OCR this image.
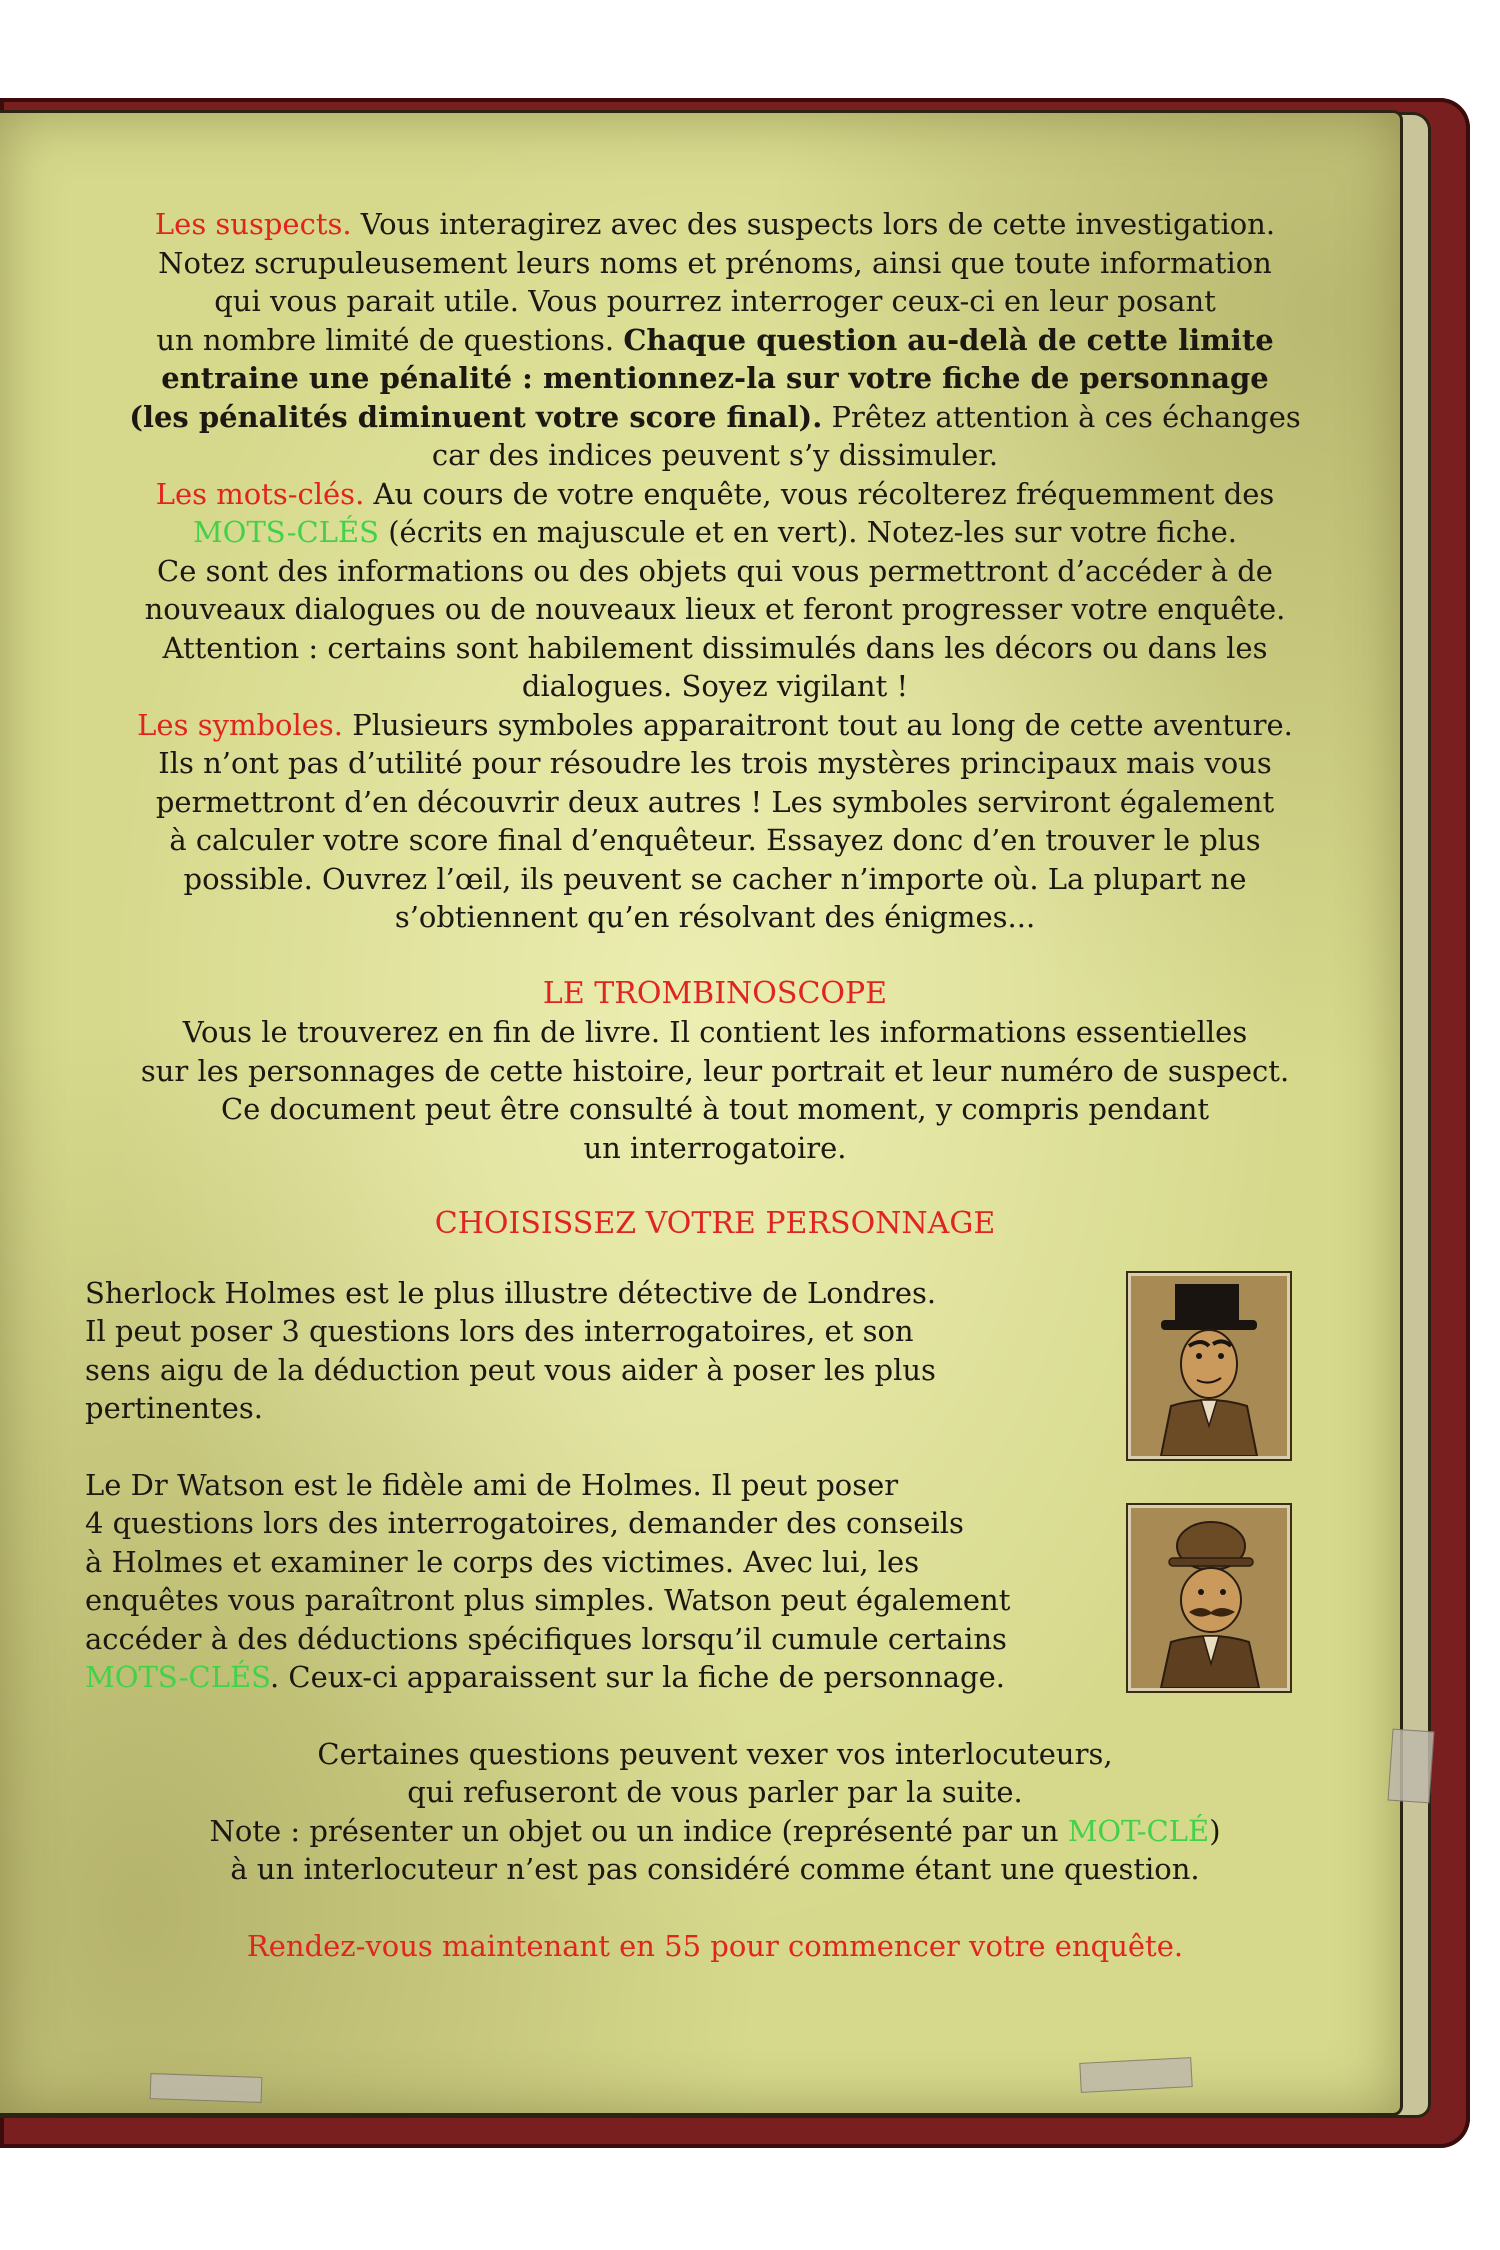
Les suspects. Vous interagirez avec des suspects lors de cette investigation.
Notez scrupuleusement leurs noms et prénoms, ainsi que toute information
qui vous parait utile. Vous pourrez interroger ceux-ci en leur posant
un nombre limité de questions. Chaque question au-delà de cette limite
entraine une pénalité : mentionnez-la sur votre fiche de personnage
(les pénalités diminuent votre score final). Prêtez attention à ces échanges
car des indices peuvent s’y dissimuler.

Les mots-clés. Au cours de votre enquête, vous récolterez fréquemment des
MOTS-CLÉS (écrits en majuscule et en vert). Notez-les sur votre fiche.
Ce sont des informations ou des objets qui vous permettront d’accéder à de
nouveaux dialogues ou de nouveaux lieux et feront progresser votre enquête.
Attention : certains sont habilement dissimulés dans les décors ou dans les
dialogues. Soyez vigilant !

Les symboles. Plusieurs symboles apparaitront tout au long de cette aventure.
Ils n’ont pas d’utilité pour résoudre les trois mystères principaux mais vous
permettront d’en découvrir deux autres ! Les symboles serviront également
à calculer votre score final d’enquêteur. Essayez donc d’en trouver le plus
possible. Ouvrez l’œil, ils peuvent se cacher n’importe où. La plupart ne
s’obtiennent qu’en résolvant des énigmes...

LE TROMBINOSCOPE

Vous le trouverez en fin de livre. Il contient les informations essentielles
sur les personnages de cette histoire, leur portrait et leur numéro de suspect.
Ce document peut être consulté à tout moment, y compris pendant
un interrogatoire.

CHOISISSEZ VOTRE PERSONNAGE

Sherlock Holmes est le plus illustre détective de Londres.
Il peut poser 3 questions lors des interrogatoires, et son
sens aigu de la déduction peut vous aider à poser les plus
pertinentes.

Le Dr Watson est le fidèle ami de Holmes. Il peut poser
4 questions lors des interrogatoires, demander des conseils
à Holmes et examiner le corps des victimes. Avec lui, les
enquêtes vous paraîtront plus simples. Watson peut également
accéder à des déductions spécifiques lorsqu’il cumule certains
MOTS-CLÉS. Ceux-ci apparaissent sur la fiche de personnage.

Certaines questions peuvent vexer vos interlocuteurs,
qui refuseront de vous parler par la suite.
Note : présenter un objet ou un indice (représenté par un MOT-CLÉ)
à un interlocuteur n’est pas considéré comme étant une question.

Rendez-vous maintenant en 55 pour commencer votre enquête.
